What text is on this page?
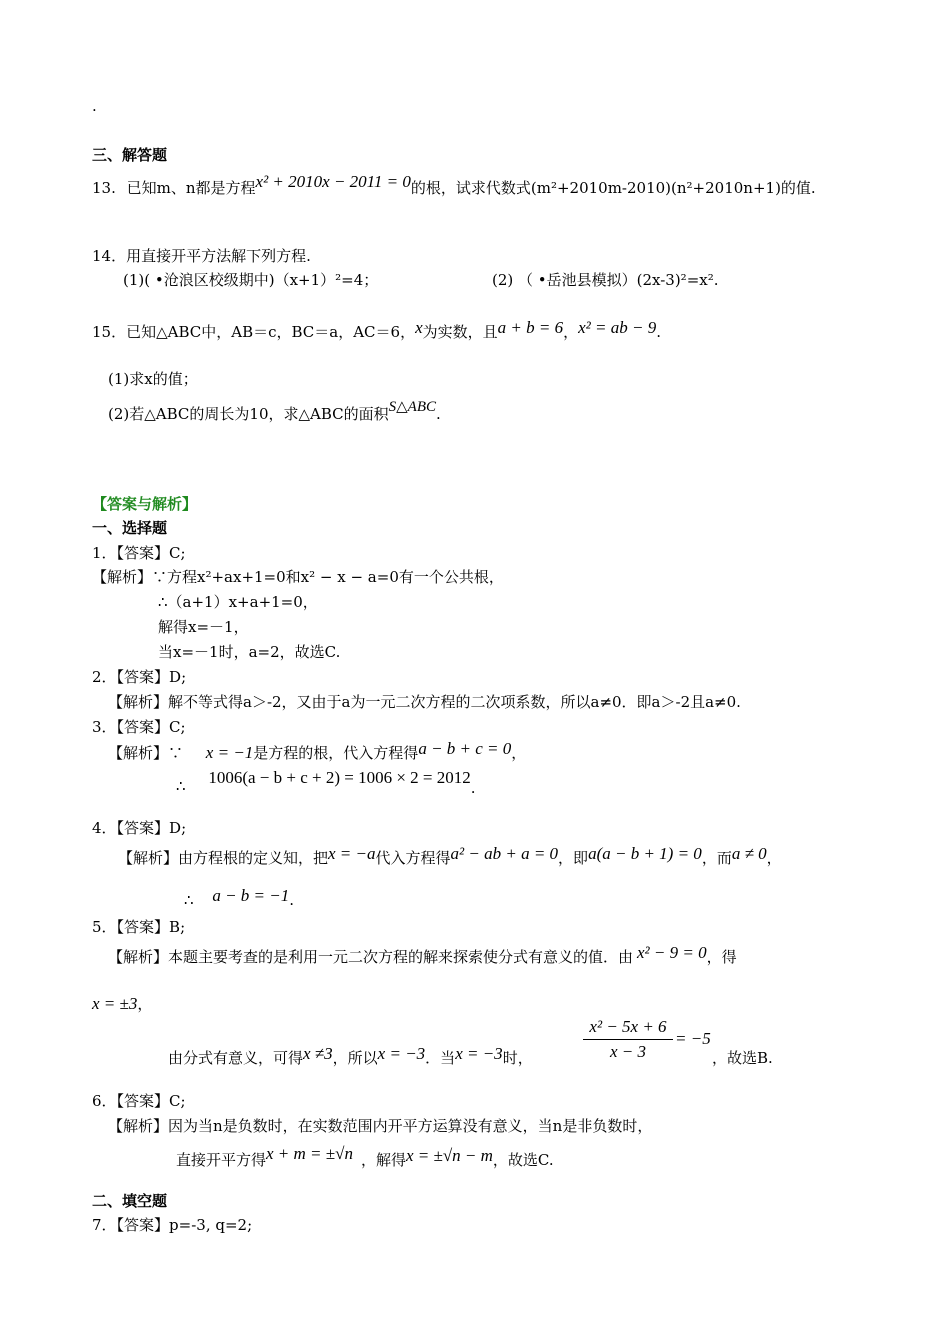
.
三、解答题
13. 已知m、n都是方程x² + 2010x − 2011 = 0的根，试求代数式(m²+2010m-2010)(n²+2010n+1)的值.
14．用直接开平方法解下列方程.
(1)( •沧浪区校级期中)（x+1）²=4；	(2) （ •岳池县模拟）(2x-3)²=x².
15．已知△ABC中，AB＝c，BC＝a，AC＝6，x为实数，且a + b = 6，x² = ab − 9.
(1)求x的值；
(2)若△ABC的周长为10，求△ABC的面积S△ABC.
【答案与解析】
一、选择题
1．【答案】C;
【解析】∵方程x²+ax+1=0和x² − x − a=0有一个公共根，
∴（a+1）x+a+1=0，
解得x=－1，
当x=－1时，a=2，故选C.
2．【答案】D;
【解析】解不等式得a＞-2，又由于a为一元二次方程的二次项系数，所以a≠0．即a＞-2且a≠0.
3．【答案】C;
【解析】∵ x = −1是方程的根，代入方程得a − b + c = 0，
∴ 1006(a − b + c + 2) = 1006 × 2 = 2012.
4．【答案】D;
【解析】由方程根的定义知，把x = −a代入方程得a² − ab + a = 0，即a(a − b + 1) = 0，而a ≠ 0，
∴ a − b = −1.
5．【答案】B;
【解析】本题主要考查的是利用一元二次方程的解来探索使分式有意义的值．由 x² − 9 = 0，得
x = ±3，
由分式有意义，可得x ≠3，所以x = −3．当x = −3时，
x² − 5x + 6
x − 3
= −5
，故选B.
6．【答案】C;
【解析】因为当n是负数时，在实数范围内开平方运算没有意义，当n是非负数时，
直接开平方得x + m = ±√n ，解得x = ±√n − m，故选C.
二、填空题
7．【答案】p=-3, q=2;
